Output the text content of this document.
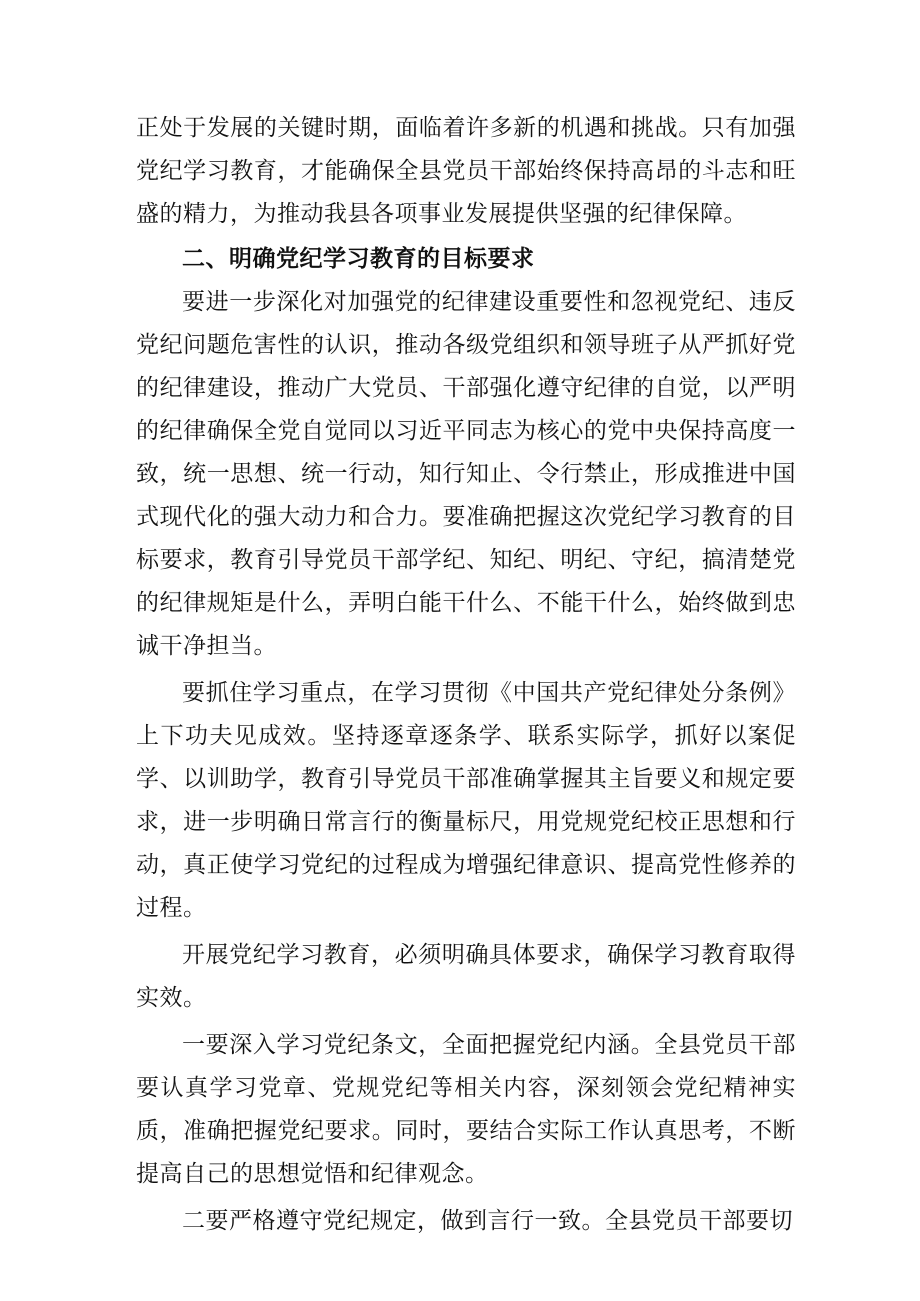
正处于发展的关键时期，面临着许多新的机遇和挑战。只有加强党纪学习教育，才能确保全县党员干部始终保持高昂的斗志和旺盛的精力，为推动我县各项事业发展提供坚强的纪律保障。

二、明确党纪学习教育的目标要求

要进一步深化对加强党的纪律建设重要性和忽视党纪、违反党纪问题危害性的认识，推动各级党组织和领导班子从严抓好党的纪律建设，推动广大党员、干部强化遵守纪律的自觉，以严明的纪律确保全党自觉同以习近平同志为核心的党中央保持高度一致，统一思想、统一行动，知行知止、令行禁止，形成推进中国式现代化的强大动力和合力。要准确把握这次党纪学习教育的目标要求，教育引导党员干部学纪、知纪、明纪、守纪，搞清楚党的纪律规矩是什么，弄明白能干什么、不能干什么，始终做到忠诚干净担当。

要抓住学习重点，在学习贯彻《中国共产党纪律处分条例》上下功夫见成效。坚持逐章逐条学、联系实际学，抓好以案促学、以训助学，教育引导党员干部准确掌握其主旨要义和规定要求，进一步明确日常言行的衡量标尺，用党规党纪校正思想和行动，真正使学习党纪的过程成为增强纪律意识、提高党性修养的过程。

开展党纪学习教育，必须明确具体要求，确保学习教育取得实效。

一要深入学习党纪条文，全面把握党纪内涵。全县党员干部要认真学习党章、党规党纪等相关内容，深刻领会党纪精神实质，准确把握党纪要求。同时，要结合实际工作认真思考，不断提高自己的思想觉悟和纪律观念。

二要严格遵守党纪规定，做到言行一致。全县党员干部要切
